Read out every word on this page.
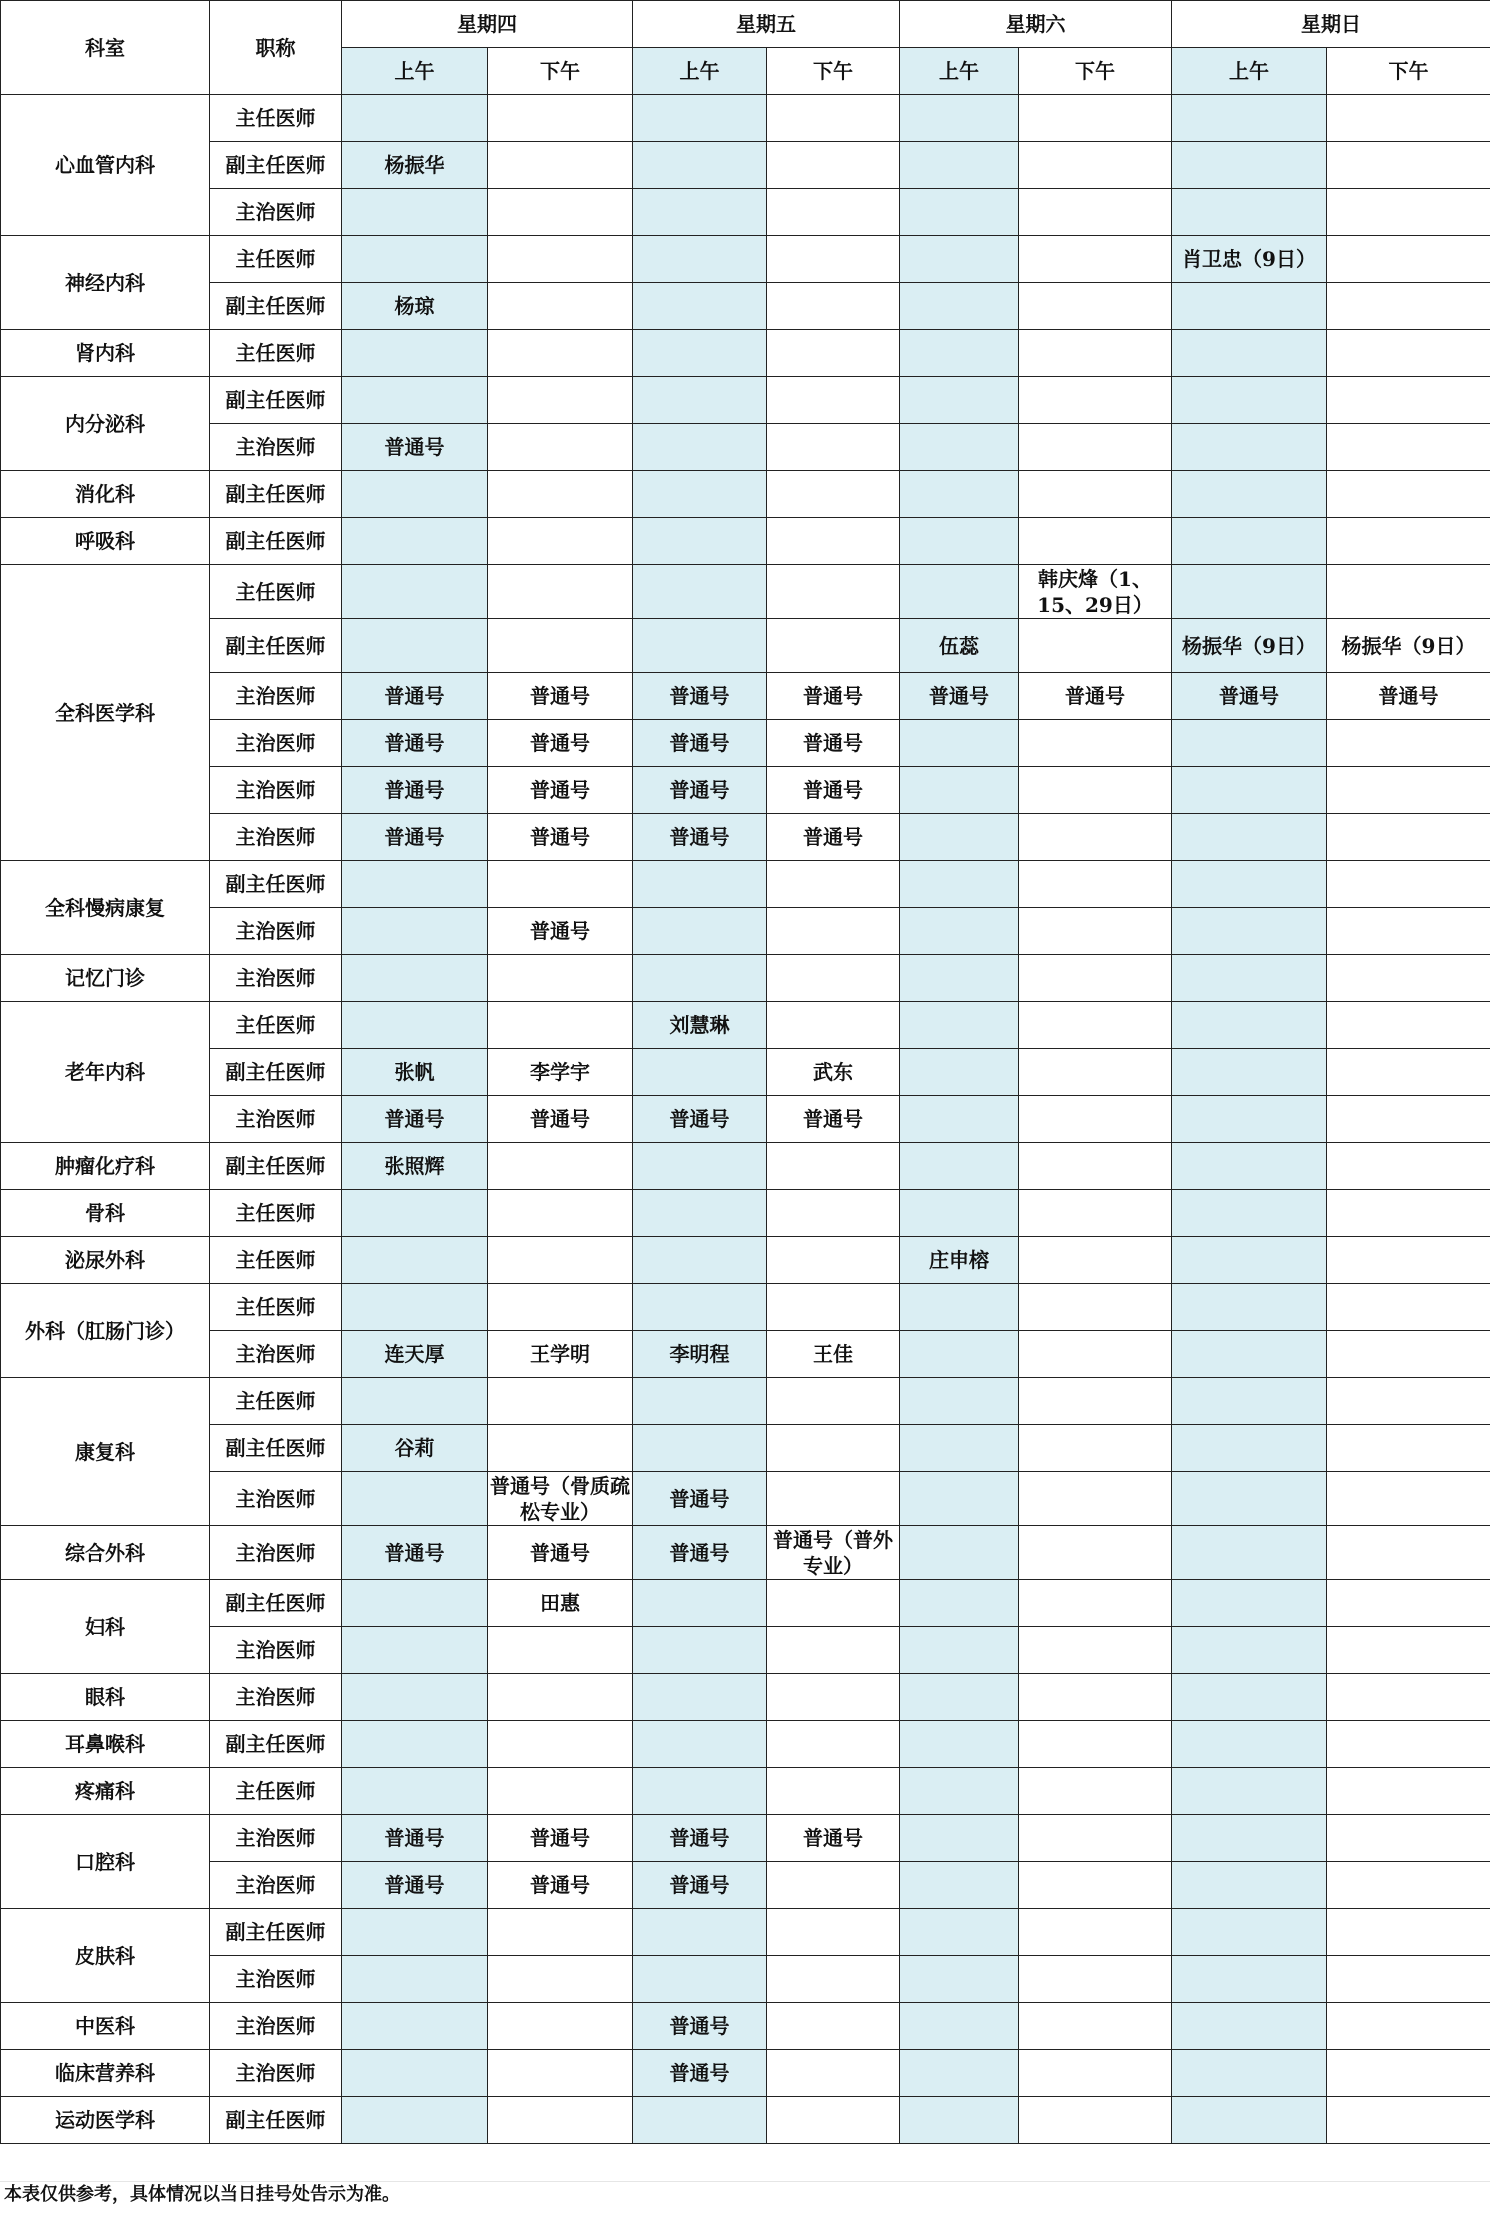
科室	职称	星期四		星期五		星期六		星期日	
		上午	下午	上午	下午	上午	下午	上午	下午
心血管内科	主任医师								
	副主任医师	杨振华							
	主治医师								
神经内科	主任医师							肖卫忠（9日）	
	副主任医师	杨琼							
肾内科	主任医师								
内分泌科	副主任医师								
	主治医师	普通号							
消化科	副主任医师								
呼吸科	副主任医师								
全科医学科	主任医师						韩庆烽（1、15、29日）		
	副主任医师					伍蕊		杨振华（9日）	杨振华（9日）
	主治医师	普通号	普通号	普通号	普通号	普通号	普通号	普通号	普通号
	主治医师	普通号	普通号	普通号	普通号				
	主治医师	普通号	普通号	普通号	普通号				
	主治医师	普通号	普通号	普通号	普通号				
全科慢病康复	副主任医师								
	主治医师		普通号						
记忆门诊	主治医师								
老年内科	主任医师			刘慧琳					
	副主任医师	张帆	李学宇		武东				
	主治医师	普通号	普通号	普通号	普通号				
肿瘤化疗科	副主任医师	张照辉							
骨科	主任医师								
泌尿外科	主任医师					庄申榕			
外科（肛肠门诊）	主任医师								
	主治医师	连天厚	王学明	李明程	王佳				
康复科	主任医师								
	副主任医师	谷莉							
	主治医师		普通号（骨质疏松专业）	普通号					
综合外科	主治医师	普通号	普通号	普通号	普通号（普外专业）				
妇科	副主任医师		田惠						
	主治医师								
眼科	主治医师								
耳鼻喉科	副主任医师								
疼痛科	主任医师								
口腔科	主治医师	普通号	普通号	普通号	普通号				
	主治医师	普通号	普通号	普通号					
皮肤科	副主任医师								
	主治医师								
中医科	主治医师			普通号					
临床营养科	主治医师			普通号					
运动医学科	副主任医师								
本表仅供参考，具体情况以当日挂号处告示为准。
